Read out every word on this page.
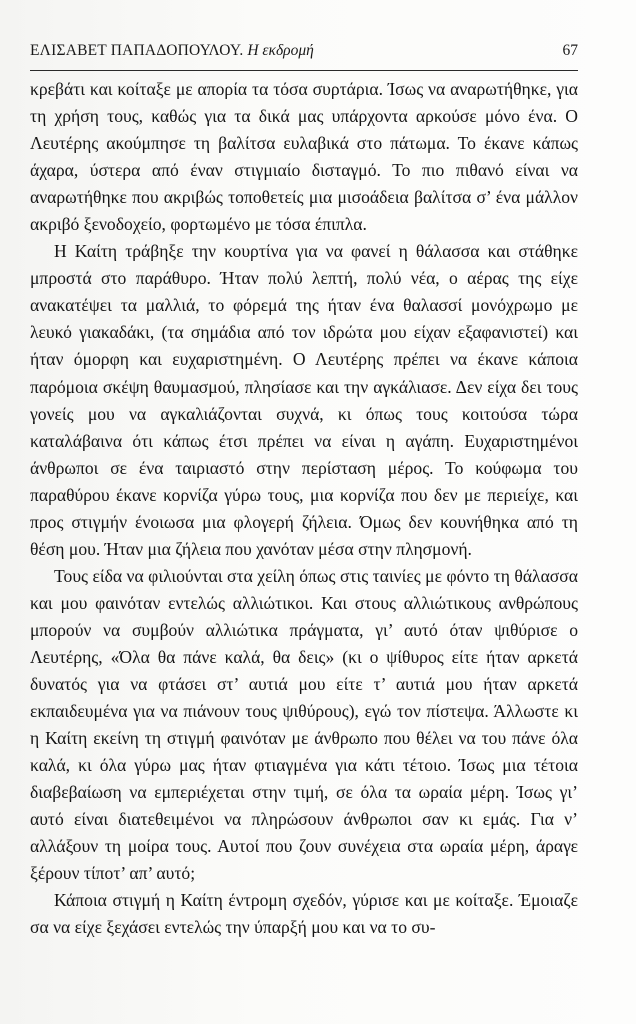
ΕΛΙΣΑΒΕΤ ΠΑΠΑΔΟΠΟΥΛΟΥ. Η εκδρομή	67

κρεβάτι και κοίταξε με απορία τα τόσα συρτάρια. Ίσως να αναρωτήθηκε, για τη χρήση τους, καθώς για τα δικά μας υπάρχοντα αρκούσε μόνο ένα. Ο Λευτέρης ακούμπησε τη βαλίτσα ευλαβικά στο πάτωμα. Το έκανε κάπως άχαρα, ύστερα από έναν στιγμιαίο δισταγμό. Το πιο πιθανό είναι να αναρωτήθηκε που ακριβώς τοποθετείς μια μισοάδεια βαλίτσα σ’ ένα μάλλον ακριβό ξενοδοχείο, φορτωμένο με τόσα έπιπλα.

Η Καίτη τράβηξε την κουρτίνα για να φανεί η θάλασσα και στάθηκε μπροστά στο παράθυρο. Ήταν πολύ λεπτή, πολύ νέα, ο αέρας της είχε ανακατέψει τα μαλλιά, το φόρεμά της ήταν ένα θαλασσί μονόχρωμο με λευκό γιακαδάκι, (τα σημάδια από τον ιδρώτα μου είχαν εξαφανιστεί) και ήταν όμορφη και ευχαριστημένη. Ο Λευτέρης πρέπει να έκανε κάποια παρόμοια σκέψη θαυμασμού, πλησίασε και την αγκάλιασε. Δεν είχα δει τους γονείς μου να αγκαλιάζονται συχνά, κι όπως τους κοιτούσα τώρα καταλάβαινα ότι κάπως έτσι πρέπει να είναι η αγάπη. Ευχαριστημένοι άνθρωποι σε ένα ταιριαστό στην περίσταση μέρος. Το κούφωμα του παραθύρου έκανε κορνίζα γύρω τους, μια κορνίζα που δεν με περιείχε, και προς στιγμήν ένοιωσα μια φλογερή ζήλεια. Όμως δεν κουνήθηκα από τη θέση μου. Ήταν μια ζήλεια που χανόταν μέσα στην πλησμονή.

Τους είδα να φιλιούνται στα χείλη όπως στις ταινίες με φόντο τη θάλασσα και μου φαινόταν εντελώς αλλιώτικοι. Και στους αλλιώτικους ανθρώπους μπορούν να συμβούν αλλιώτικα πράγματα, γι’ αυτό όταν ψιθύρισε ο Λευτέρης, «Όλα θα πάνε καλά, θα δεις» (κι ο ψίθυρος είτε ήταν αρκετά δυνατός για να φτάσει στ’ αυτιά μου είτε τ’ αυτιά μου ήταν αρκετά εκπαιδευμένα για να πιάνουν τους ψιθύρους), εγώ τον πίστεψα. Άλλωστε κι η Καίτη εκείνη τη στιγμή φαινόταν με άνθρωπο που θέλει να του πάνε όλα καλά, κι όλα γύρω μας ήταν φτιαγμένα για κάτι τέτοιο. Ίσως μια τέτοια διαβεβαίωση να εμπεριέχεται στην τιμή, σε όλα τα ωραία μέρη. Ίσως γι’ αυτό είναι διατεθειμένοι να πληρώσουν άνθρωποι σαν κι εμάς. Για ν’ αλλάξουν τη μοίρα τους. Αυτοί που ζουν συνέχεια στα ωραία μέρη, άραγε ξέρουν τίποτ’ απ’ αυτό;

Κάποια στιγμή η Καίτη έντρομη σχεδόν, γύρισε και με κοίταξε. Έμοιαζε σα να είχε ξεχάσει εντελώς την ύπαρξή μου και να το συ-
